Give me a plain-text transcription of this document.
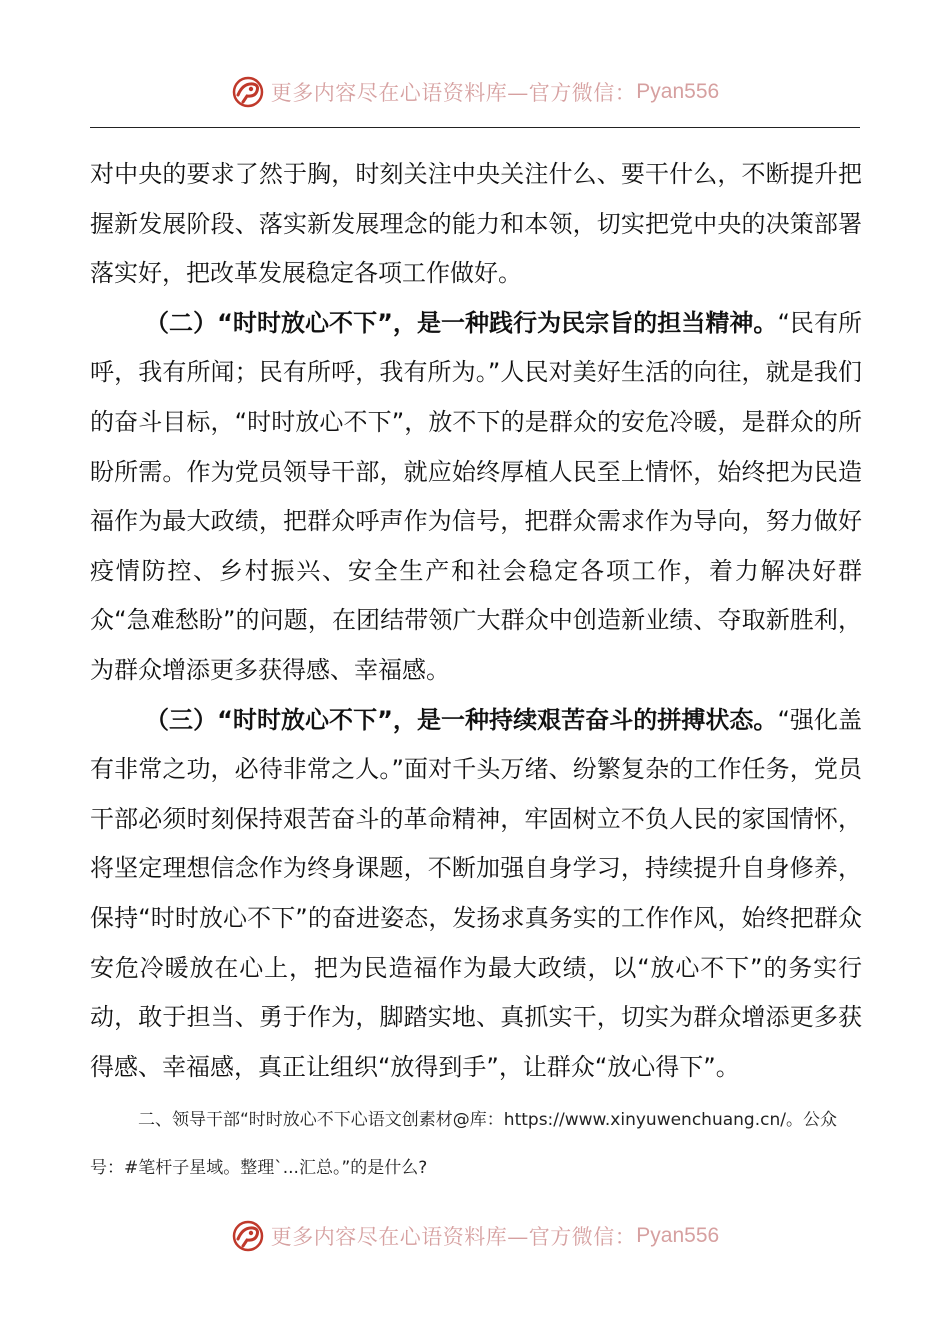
更多内容尽在心语资料库—官方微信： Pyan556

对中央的要求了然于胸，时刻关注中央关注什么、要干什么，不断提升把握新发展阶段、落实新发展理念的能力和本领，切实把党中央的决策部署落实好，把改革发展稳定各项工作做好。

（二）“时时放心不下”，是一种践行为民宗旨的担当精神。“民有所呼，我有所闻；民有所呼，我有所为。”人民对美好生活的向往，就是我们的奋斗目标，“时时放心不下”，放不下的是群众的安危冷暖，是群众的所盼所需。作为党员领导干部，就应始终厚植人民至上情怀，始终把为民造福作为最大政绩，把群众呼声作为信号，把群众需求作为导向，努力做好疫情防控、乡村振兴、安全生产和社会稳定各项工作，着力解决好群众“急难愁盼”的问题，在团结带领广大群众中创造新业绩、夺取新胜利，为群众增添更多获得感、幸福感。

（三）“时时放心不下”，是一种持续艰苦奋斗的拼搏状态。“强化盖有非常之功，必待非常之人。”面对千头万绪、纷繁复杂的工作任务，党员干部必须时刻保持艰苦奋斗的革命精神，牢固树立不负人民的家国情怀，将坚定理想信念作为终身课题，不断加强自身学习，持续提升自身修养，保持“时时放心不下”的奋进姿态，发扬求真务实的工作作风，始终把群众安危冷暖放在心上，把为民造福作为最大政绩，以“放心不下”的务实行动，敢于担当、勇于作为，脚踏实地、真抓实干，切实为群众增添更多获得感、幸福感，真正让组织“放得到手”，让群众“放心得下”。

二、领导干部“时时放心不下心语文创素材@库：https://www.xinyuwenchuang.cn/。公众号：#笔杆子星域。整理`...汇总。”的是什么?

更多内容尽在心语资料库—官方微信： Pyan556
